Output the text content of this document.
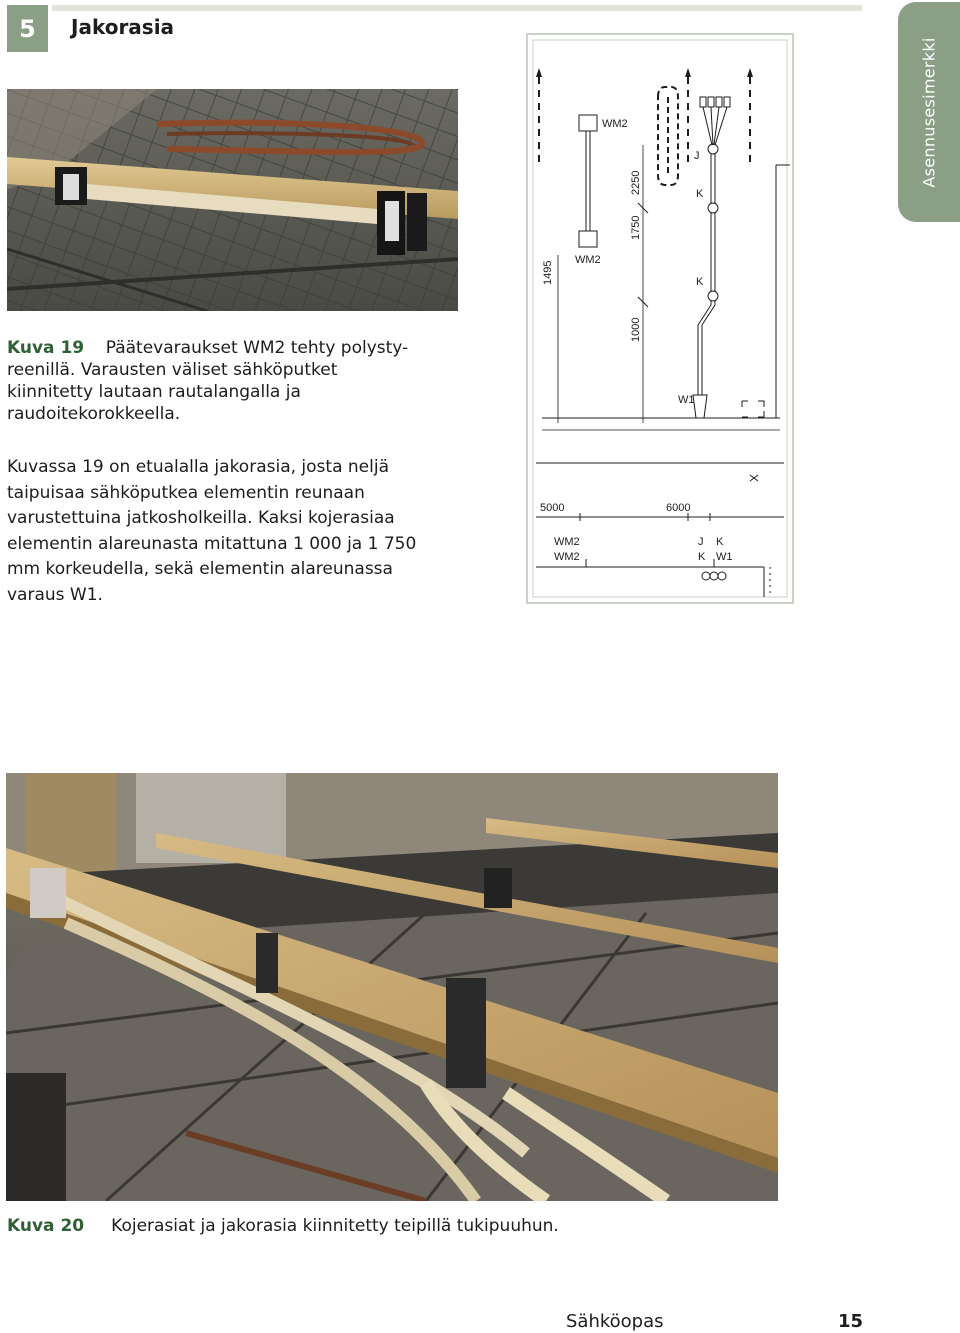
5	Jakorasia
Asennusesimerkki
Kuva 19 Päätevaraukset WM2 tehty polysty-
reenillä. Varausten väliset sähköputket kiinnitetty lautaan rautalangalla ja raudoitekorokkeella.
Kuvassa 19 on etualalla jakorasia, josta neljä taipuisaa sähköputkea elementin reunaan varustettuina jatkosholkeilla. Kaksi kojerasiaa elementin alareunasta mitattuna 1 000 ja 1 750 mm korkeudella, sekä elementin alareunassa varaus W1.
1495
WM2
WM2
2250
1750
1000
J
K
K
W1
5000	6000
WM2
WM2
J K
K W1
Kuva 20 Kojerasiat ja jakorasia kiinnitetty teipillä tukipuuhun.
Sähköopas	15
